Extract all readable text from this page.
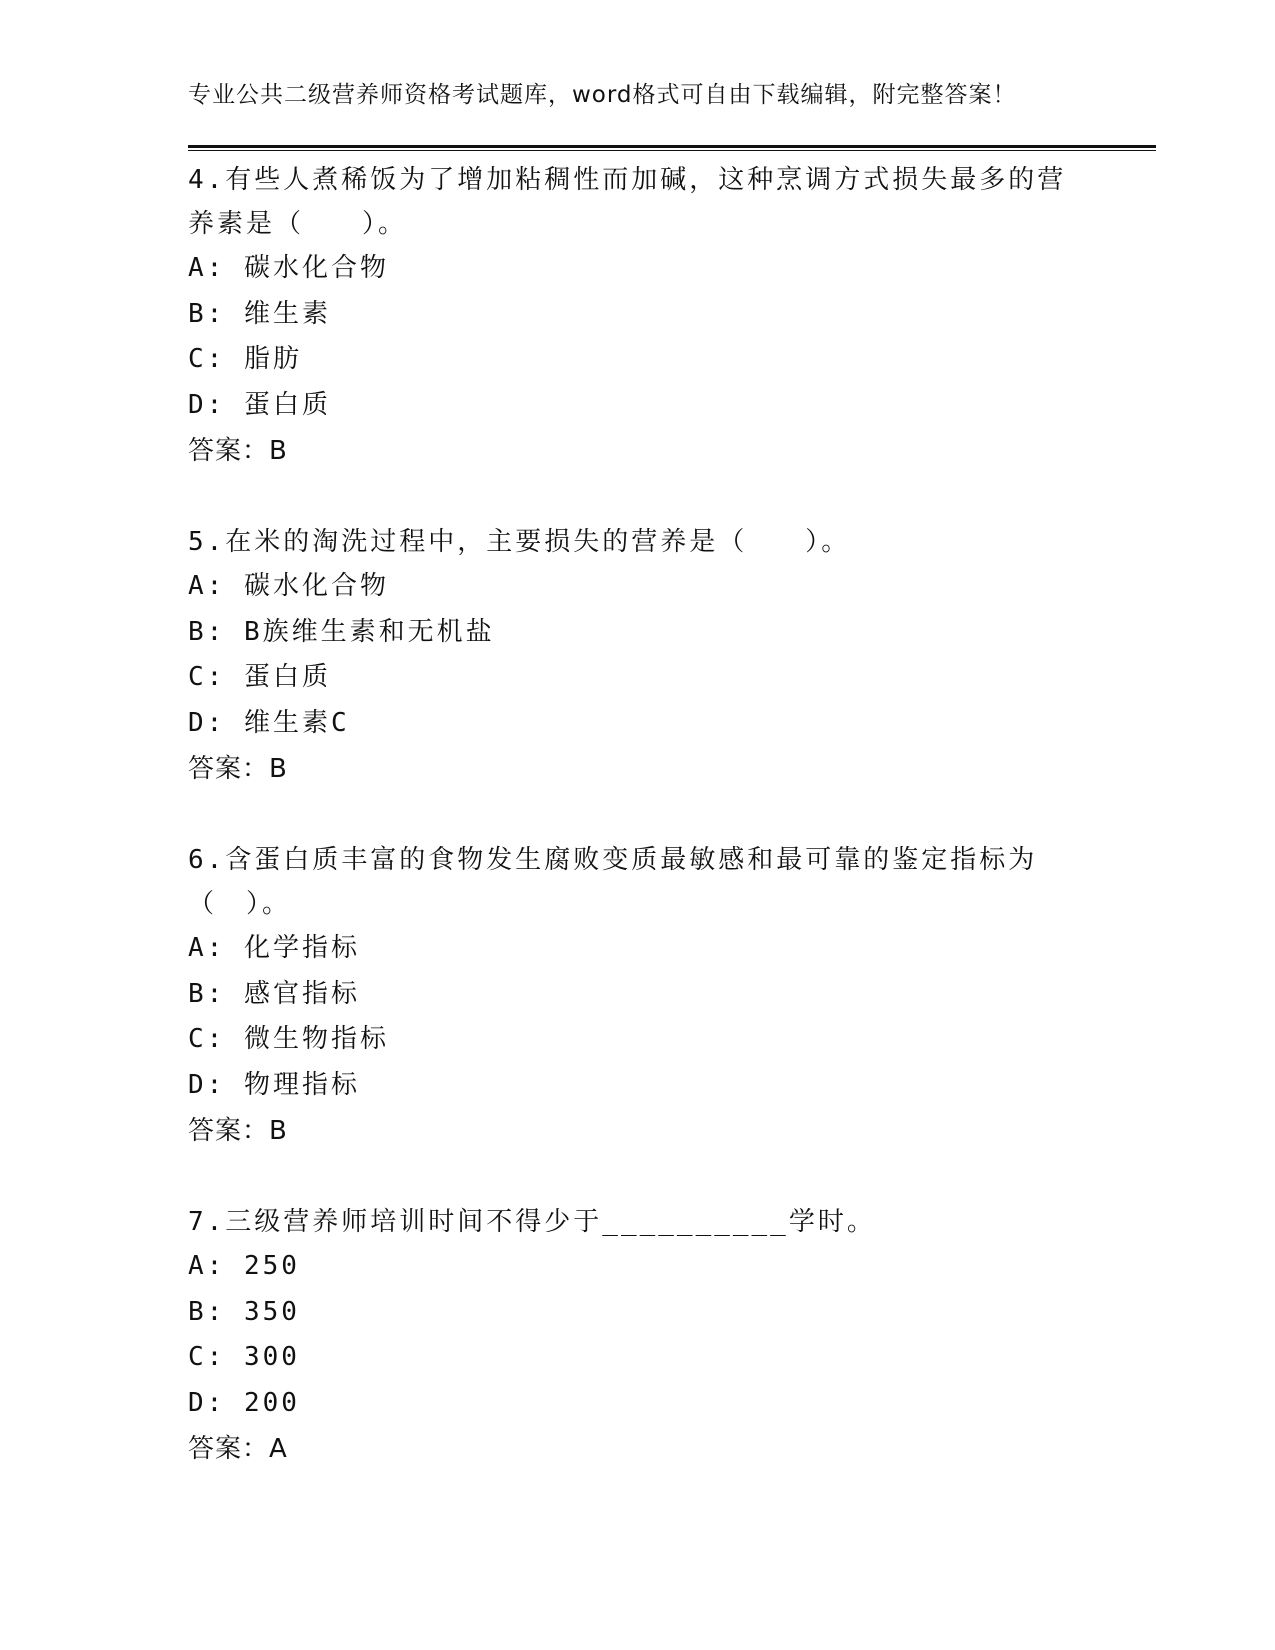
专业公共二级营养师资格考试题库，word格式可自由下载编辑，附完整答案！
4.有些人煮稀饭为了增加粘稠性而加碱，这种烹调方式损失最多的营养素是（　　）。
A: 碳水化合物
B: 维生素
C: 脂肪
D: 蛋白质
答案：B
5.在米的淘洗过程中，主要损失的营养是（　　）。
A: 碳水化合物
B: B族维生素和无机盐
C: 蛋白质
D: 维生素C
答案：B
6.含蛋白质丰富的食物发生腐败变质最敏感和最可靠的鉴定指标为（　）。
A: 化学指标
B: 感官指标
C: 微生物指标
D: 物理指标
答案：B
7.三级营养师培训时间不得少于__________学时。
A: 250
B: 350
C: 300
D: 200
答案：A
